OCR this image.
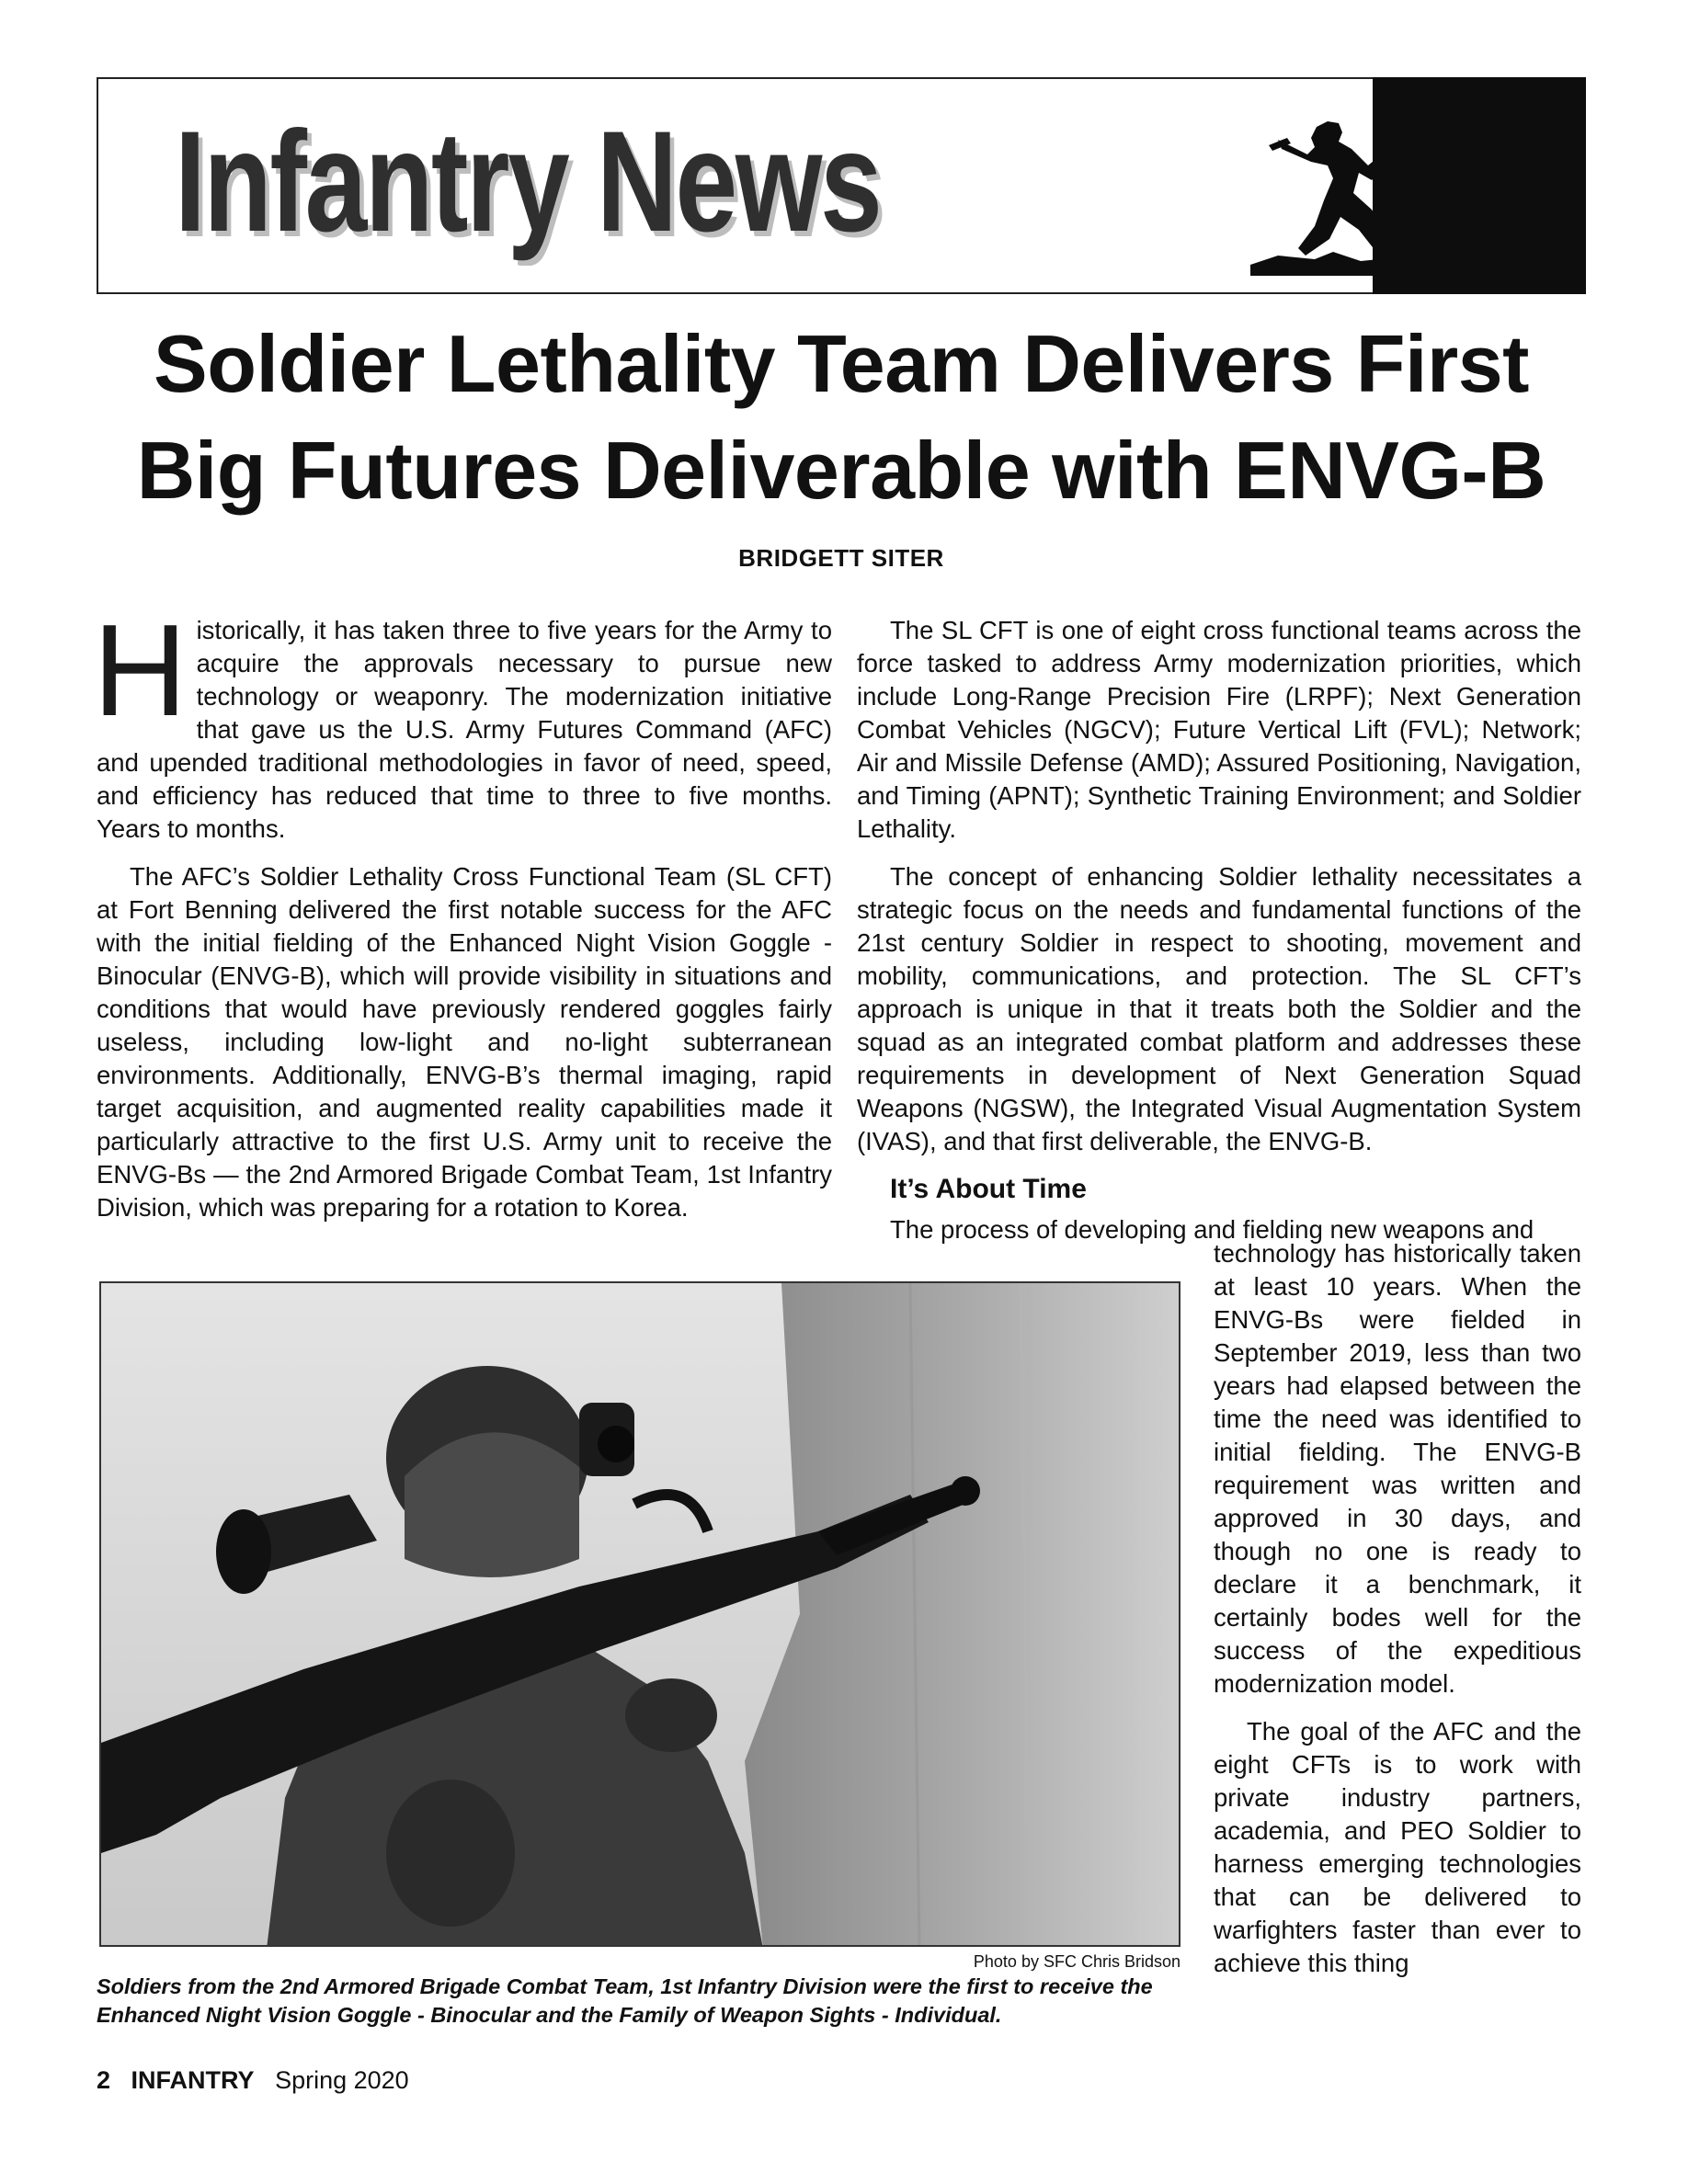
Infantry News
Soldier Lethality Team Delivers First
Big Futures Deliverable with ENVG-B
BRIDGETT SITER

Historically, it has taken three to five years for the Army to acquire the approvals necessary to pursue new technology or weaponry. The modernization initiative that gave us the U.S. Army Futures Command (AFC) and upended traditional methodologies in favor of need, speed, and efficiency has reduced that time to three to five months. Years to months.

The AFC’s Soldier Lethality Cross Functional Team (SL CFT) at Fort Benning delivered the first notable success for the AFC with the initial fielding of the Enhanced Night Vision Goggle - Binocular (ENVG-B), which will provide visibility in situations and conditions that would have previously rendered goggles fairly useless, including low-light and no-light subterranean environments. Additionally, ENVG-B’s thermal imaging, rapid target acquisition, and augmented reality capabilities made it particularly attractive to the first U.S. Army unit to receive the ENVG-Bs — the 2nd Armored Brigade Combat Team, 1st Infantry Division, which was preparing for a rotation to Korea.

The SL CFT is one of eight cross functional teams across the force tasked to address Army modernization priorities, which include Long-Range Precision Fire (LRPF); Next Generation Combat Vehicles (NGCV); Future Vertical Lift (FVL); Network; Air and Missile Defense (AMD); Assured Positioning, Navigation, and Timing (APNT); Synthetic Training Environment; and Soldier Lethality.

The concept of enhancing Soldier lethality necessitates a strategic focus on the needs and fundamental functions of the 21st century Soldier in respect to shooting, movement and mobility, communications, and protection. The SL CFT’s approach is unique in that it treats both the Soldier and the squad as an integrated combat platform and addresses these requirements in development of Next Generation Squad Weapons (NGSW), the Integrated Visual Augmentation System (IVAS), and that first deliverable, the ENVG-B.

It’s About Time

The process of developing and fielding new weapons and

technology has historically taken at least 10 years. When the ENVG-Bs were fielded in September 2019, less than two years had elapsed between the time the need was identified to initial fielding. The ENVG-B requirement was written and approved in 30 days, and though no one is ready to declare it a benchmark, it certainly bodes well for the success of the expeditious modernization model.

The goal of the AFC and the eight CFTs is to work with private industry partners, academia, and PEO Soldier to harness emerging technologies that can be delivered to warfighters faster than ever to achieve this thing

Photo by SFC Chris Bridson
Soldiers from the 2nd Armored Brigade Combat Team, 1st Infantry Division were the first to receive the Enhanced Night Vision Goggle - Binocular and the Family of Weapon Sights - Individual.
2 INFANTRY Spring 2020
